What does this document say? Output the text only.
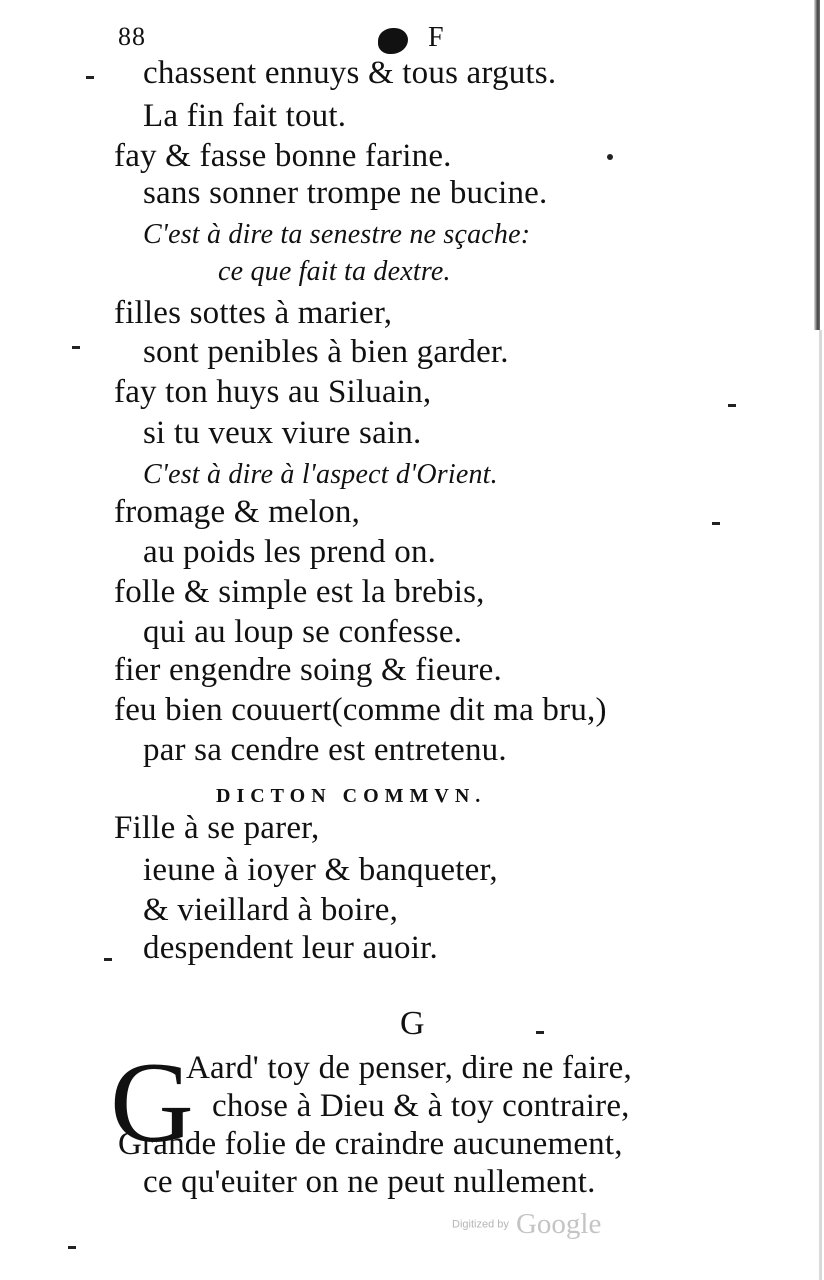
88	F
chassent ennuys & tous arguts.
La fin fait tout.
fay & fasse bonne farine.
sans sonner trompe ne bucine.
C'est à dire ta senestre ne sçache:
ce que fait ta dextre.
filles sottes à marier,
sont penibles à bien garder.
fay ton huys au Siluain,
si tu veux viure sain.
C'est à dire à l'aspect d'Orient.
fromage & melon,
au poids les prend on.
folle & simple est la brebis,
qui au loup se confesse.
fier engendre soing & fieure.
feu bien couuert(comme dit ma bru,)
par sa cendre est entretenu.
DICTON COMMVN.
Fille à se parer,
ieune à ioyer & banqueter,
& vieillard à boire,
despendent leur auoir.
G
G
Aard' toy de penser, dire ne faire,
chose à Dieu & à toy contraire,
Grande folie de craindre aucunement,
ce qu'euiter on ne peut nullement.
Digitized by Google
